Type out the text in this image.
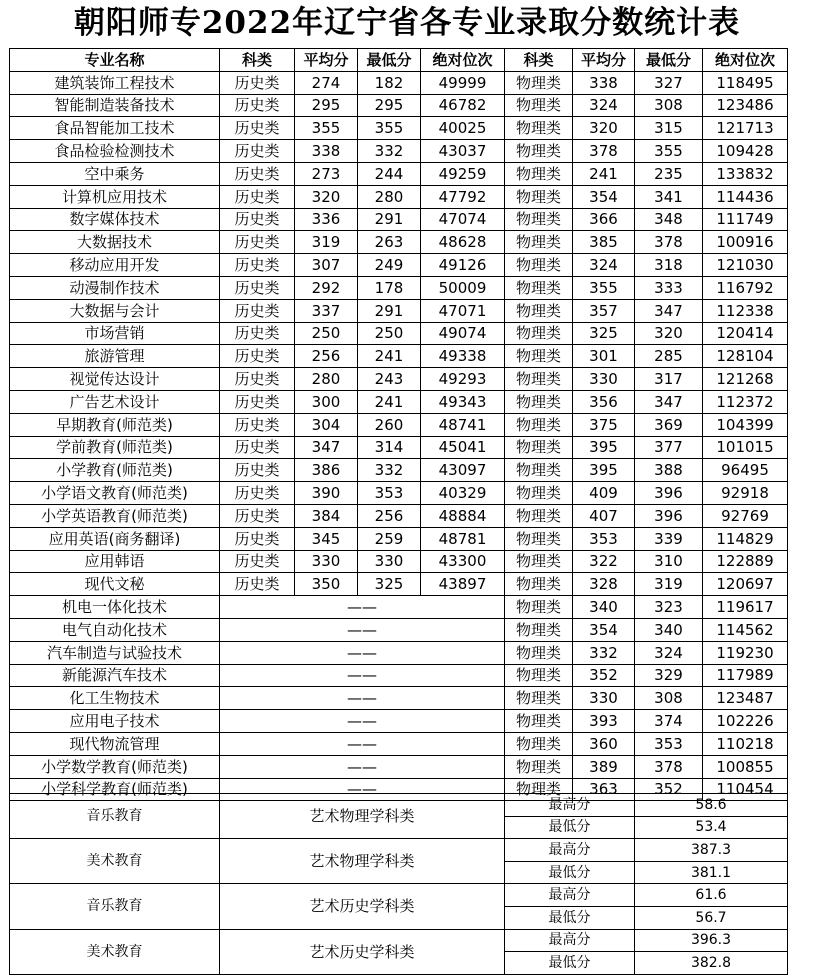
朝阳师专2022年辽宁省各专业录取分数统计表
专业名称	科类	平均分	最低分	绝对位次	科类	平均分	最低分	绝对位次
建筑装饰工程技术	历史类	274	182	49999	物理类	338	327	118495
智能制造装备技术	历史类	295	295	46782	物理类	324	308	123486
食品智能加工技术	历史类	355	355	40025	物理类	320	315	121713
食品检验检测技术	历史类	338	332	43037	物理类	378	355	109428
空中乘务	历史类	273	244	49259	物理类	241	235	133832
计算机应用技术	历史类	320	280	47792	物理类	354	341	114436
数字媒体技术	历史类	336	291	47074	物理类	366	348	111749
大数据技术	历史类	319	263	48628	物理类	385	378	100916
移动应用开发	历史类	307	249	49126	物理类	324	318	121030
动漫制作技术	历史类	292	178	50009	物理类	355	333	116792
大数据与会计	历史类	337	291	47071	物理类	357	347	112338
市场营销	历史类	250	250	49074	物理类	325	320	120414
旅游管理	历史类	256	241	49338	物理类	301	285	128104
视觉传达设计	历史类	280	243	49293	物理类	330	317	121268
广告艺术设计	历史类	300	241	49343	物理类	356	347	112372
早期教育(师范类)	历史类	304	260	48741	物理类	375	369	104399
学前教育(师范类)	历史类	347	314	45041	物理类	395	377	101015
小学教育(师范类)	历史类	386	332	43097	物理类	395	388	96495
小学语文教育(师范类)	历史类	390	353	40329	物理类	409	396	92918
小学英语教育(师范类)	历史类	384	256	48884	物理类	407	396	92769
应用英语(商务翻译)	历史类	345	259	48781	物理类	353	339	114829
应用韩语	历史类	330	330	43300	物理类	322	310	122889
现代文秘	历史类	350	325	43897	物理类	328	319	120697
机电一体化技术	——				物理类	340	323	119617
电气自动化技术	——				物理类	354	340	114562
汽车制造与试验技术	——				物理类	332	324	119230
新能源汽车技术	——				物理类	352	329	117989
化工生物技术	——				物理类	330	308	123487
应用电子技术	——				物理类	393	374	102226
现代物流管理	——				物理类	360	353	110218
小学数学教育(师范类)	——				物理类	389	378	100855
小学科学教育(师范类)	——				物理类	363	352	110454
音乐教育	艺术物理学科类	最高分	58.6
		最低分	53.4
美术教育	艺术物理学科类	最高分	387.3
		最低分	381.1
音乐教育	艺术历史学科类	最高分	61.6
		最低分	56.7
美术教育	艺术历史学科类	最高分	396.3
		最低分	382.8
